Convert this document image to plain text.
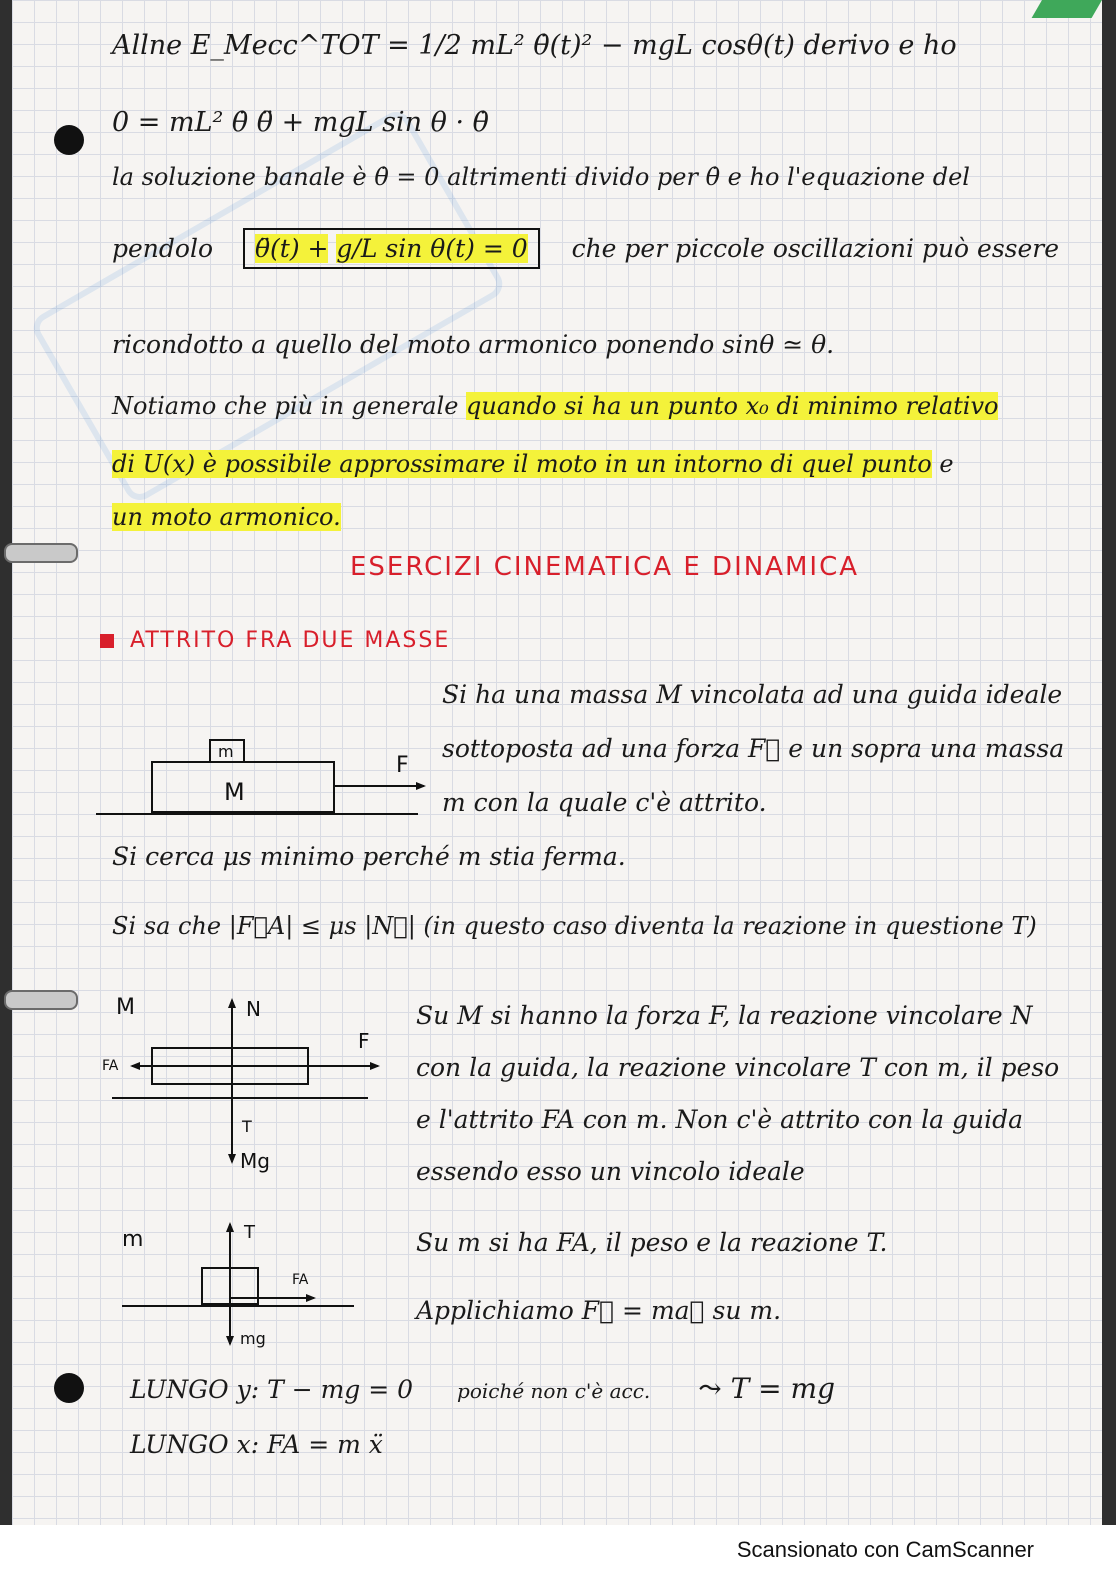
Allne E_Mecc^TOT = 1/2 mL² θ̇(t)² − mgL cosθ(t) derivo e ho
0 = mL² θ̇ θ̈ + mgL sin θ · θ̇
la soluzione banale è θ̇ = 0 altrimenti divido per θ̇ e ho l'equazione del
pendolo θ̈(t) + g/L sin θ(t) = 0 che per piccole oscillazioni può essere
ricondotto a quello del moto armonico ponendo sinθ ≃ θ.
Notiamo che più in generale quando si ha un punto x₀ di minimo relativo
di U(x) è possibile approssimare il moto in un intorno di quel punto e
un moto armonico.
ESERCIZI CINEMATICA E DINAMICA
ATTRITO FRA DUE MASSE
m
M
F
Si ha una massa M vincolata ad una guida ideale sottoposta ad una forza F⃗ e un sopra una massa m con la quale c'è attrito.
Si cerca μs minimo perché m stia ferma.
Si sa che |F⃗A| ≤ μs |N⃗| (in questo caso diventa la reazione in questione T)
M	N
F
FA
T
Mg
Su M si hanno la forza F, la reazione vincolare N con la guida, la reazione vincolare T con m, il peso e l'attrito FA con m. Non c'è attrito con la guida essendo esso un vincolo ideale
m	T
FA
mg
Su m si ha FA, il peso e la reazione T.
Applichiamo F⃗ = ma⃗ su m.
LUNGO y: T − mg = 0 poiché non c'è acc. ⤳ T = mg
LUNGO x: FA = m ẍ
Scansionato con CamScanner
